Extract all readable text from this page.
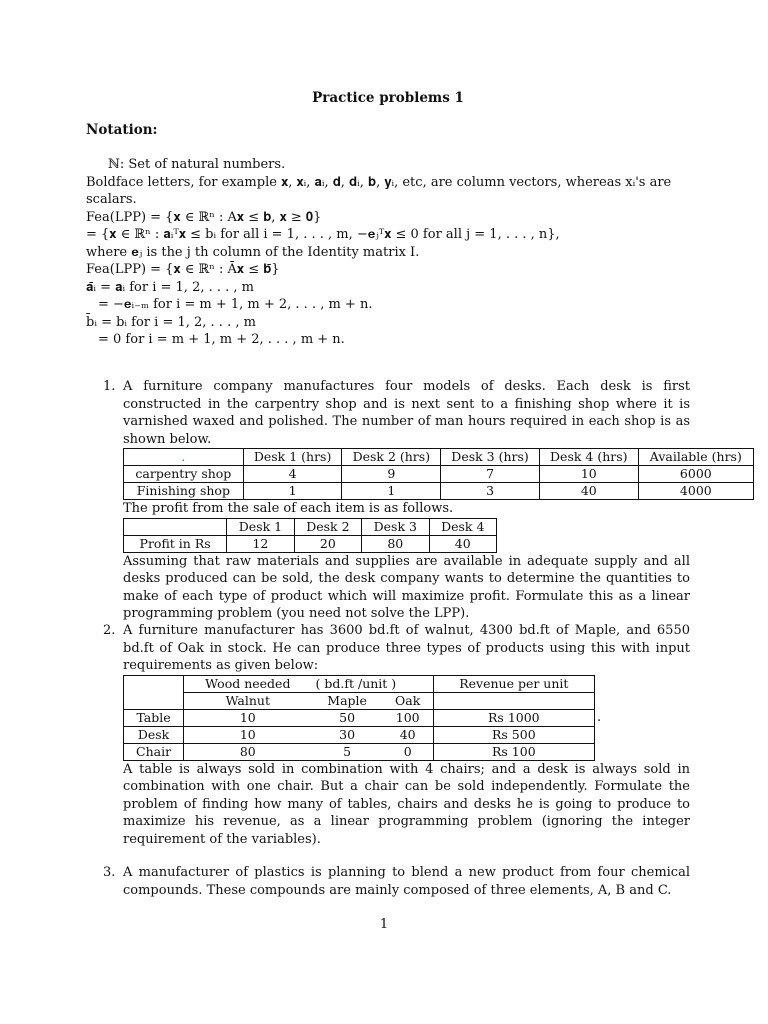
Practice problems 1
Notation:
ℕ: Set of natural numbers.
Boldface letters, for example 𝐱, 𝐱ᵢ, 𝐚ᵢ, 𝐝, 𝐝ᵢ, 𝐛, 𝐲ᵢ, etc, are column vectors, whereas xᵢ's are
scalars.
Fea(LPP) = {𝐱 ∈ ℝⁿ : A𝐱 ≤ 𝐛, 𝐱 ≥ 𝟎}
= {𝐱 ∈ ℝⁿ : 𝐚ᵢᵀ𝐱 ≤ bᵢ for all i = 1, . . . , m, −𝐞ⱼᵀ𝐱 ≤ 0 for all j = 1, . . . , n},
where 𝐞ⱼ is the j th column of the Identity matrix I.
Fea(LPP) = {𝐱 ∈ ℝⁿ : Ā𝐱 ≤ 𝐛̄}
𝐚̄ᵢ = 𝐚ᵢ for i = 1, 2, . . . , m
= −𝐞ᵢ₋ₘ for i = m + 1, m + 2, . . . , m + n.
b̄ᵢ = bᵢ for i = 1, 2, . . . , m
= 0 for i = m + 1, m + 2, . . . , m + n.
1. A furniture company manufactures four models of desks. Each desk is first constructed in the carpentry shop and is next sent to a finishing shop where it is varnished waxed and polished. The number of man hours required in each shop is as shown below.

.	Desk 1 (hrs)	Desk 2 (hrs)	Desk 3 (hrs)	Desk 4 (hrs)	Available (hrs)
carpentry shop	4	9	7	10	6000
Finishing shop	1	1	3	40	4000

The profit from the sale of each item is as follows.

	Desk 1	Desk 2	Desk 3	Desk 4
Profit in Rs	12	20	80	40

Assuming that raw materials and supplies are available in adequate supply and all desks produced can be sold, the desk company wants to determine the quantities to make of each type of product which will maximize profit. Formulate this as a linear programming problem (you need not solve the LPP).

2. A furniture manufacturer has 3600 bd.ft of walnut, 4300 bd.ft of Maple, and 6550 bd.ft of Oak in stock. He can produce three types of products using this with input requirements as given below:

	Wood needed	( bd.ft /unit )		Revenue per unit
	Walnut	Maple	Oak	
Table	10	50	100	Rs 1000
Desk	10	30	40	Rs 500
Chair	80	5	0	Rs 100
.

A table is always sold in combination with 4 chairs; and a desk is always sold in combination with one chair. But a chair can be sold independently. Formulate the problem of finding how many of tables, chairs and desks he is going to produce to maximize his revenue, as a linear programming problem (ignoring the integer requirement of the variables).

3. A manufacturer of plastics is planning to blend a new product from four chemical compounds. These compounds are mainly composed of three elements, A, B and C.

1
